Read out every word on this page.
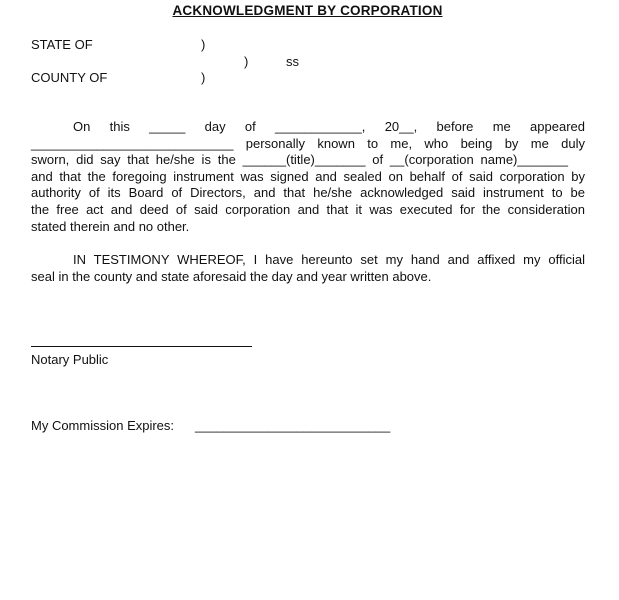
ACKNOWLEDGMENT BY CORPORATION
STATE OF	)
)	ss
COUNTY OF	)
On this _____ day of ____________, 20__, before me appeared
____________________________ personally known to me, who being by me duly
sworn, did say that he/she is the ______(title)_______ of __(corporation name)_______
and that the foregoing instrument was signed and sealed on behalf of said corporation by
authority of its Board of Directors, and that he/she acknowledged said instrument to be
the free act and deed of said corporation and that it was executed for the consideration
stated therein and no other.
IN TESTIMONY WHEREOF, I have hereunto set my hand and affixed my official
seal in the county and state aforesaid the day and year written above.
Notary Public
My Commission Expires: ___________________________
